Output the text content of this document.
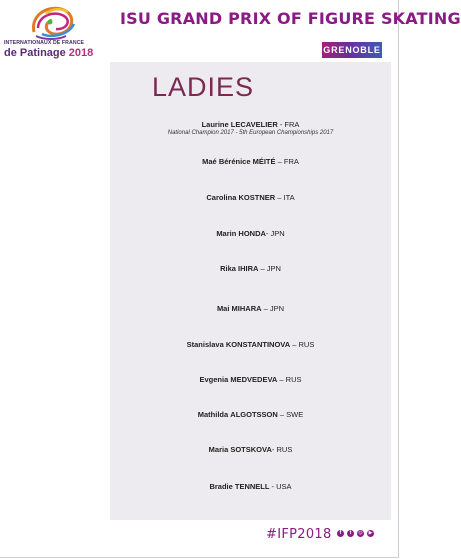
INTERNATIONAUX DE FRANCE
de Patinage 2018
ISU GRAND PRIX OF FIGURE SKATING
GRENOBLE
LADIES
Laurine LECAVELIER - FRA
National Champion 2017 - 5th European Championships 2017
Maé Bérénice MÉITÉ – FRA
Carolina KOSTNER – ITA
Marin HONDA- JPN
Rika IHIRA – JPN
Mai MIHARA – JPN
Stanislava KONSTANTINOVA – RUS
Evgenia MEDVEDEVA – RUS
Mathilda ALGOTSSON – SWE
Maria SOTSKOVA- RUS
Bradie TENNELL - USA
#IFP2018	f	t	◎	▶
